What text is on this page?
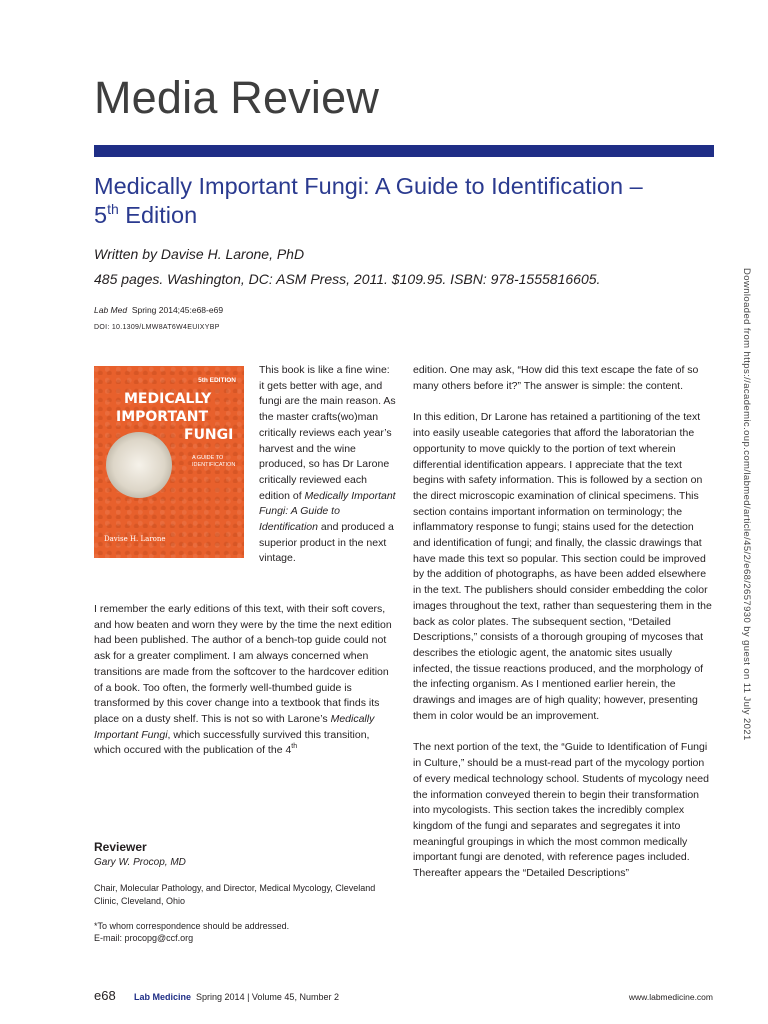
Media Review
Medically Important Fungi: A Guide to Identification – 5th Edition
Written by Davise H. Larone, PhD
485 pages. Washington, DC: ASM Press, 2011. $109.95. ISBN: 978-1555816605.
Lab Med Spring 2014;45:e68-e69
DOI: 10.1309/LMW8AT6W4EUIXYBP
5th EDITION
MEDICALLY
IMPORTANT
FUNGI
A GUIDE TO IDENTIFICATION
Davise H. Larone
This book is like a fine wine: it gets better with age, and fungi are the main reason. As the master crafts(wo)man critically reviews each year’s harvest and the wine produced, so has Dr Larone critically reviewed each edition of Medically Important Fungi: A Guide to Identification and produced a superior product in the next vintage.
I remember the early editions of this text, with their soft covers, and how beaten and worn they were by the time the next edition had been published. The author of a bench-top guide could not ask for a greater compliment. I am always concerned when transitions are made from the softcover to the hardcover edition of a book. Too often, the formerly well-thumbed guide is transformed by this cover change into a textbook that finds its place on a dusty shelf. This is not so with Larone’s Medically Important Fungi, which successfully survived this transition, which occured with the publication of the 4th

edition. One may ask, “How did this text escape the fate of so many others before it?” The answer is simple: the content.

In this edition, Dr Larone has retained a partitioning of the text into easily useable categories that afford the laboratorian the opportunity to move quickly to the portion of text wherein differential identification appears. I appreciate that the text begins with safety information. This is followed by a section on the direct microscopic examination of clinical specimens. This section contains important information on terminology; the inflammatory response to fungi; stains used for the detection and identification of fungi; and finally, the classic drawings that have made this text so popular. This section could be improved by the addition of photographs, as have been added elsewhere in the text. The publishers should consider embedding the color images throughout the text, rather than sequestering them in the back as color plates. The subsequent section, “Detailed Descriptions,” consists of a thorough grouping of mycoses that describes the etiologic agent, the anatomic sites usually infected, the tissue reactions produced, and the morphology of the infecting organism. As I mentioned earlier herein, the drawings and images are of high quality; however, presenting them in color would be an improvement.

The next portion of the text, the “Guide to Identification of Fungi in Culture,” should be a must-read part of the mycology portion of every medical technology school. Students of mycology need the information conveyed therein to begin their transformation into mycologists. This section takes the incredibly complex kingdom of the fungi and separates and segregates it into meaningful groupings in which the most common medically important fungi are denoted, with reference pages included. Thereafter appears the “Detailed Descriptions”

Reviewer
Gary W. Procop, MD
Chair, Molecular Pathology, and Director, Medical Mycology, Cleveland Clinic, Cleveland, Ohio
*To whom correspondence should be addressed.
E-mail: procopg@ccf.org
e68 Lab Medicine Spring 2014 | Volume 45, Number 2	www.labmedicine.com
Downloaded from https://academic.oup.com/labmed/article/45/2/e68/2657930 by guest on 11 July 2021
